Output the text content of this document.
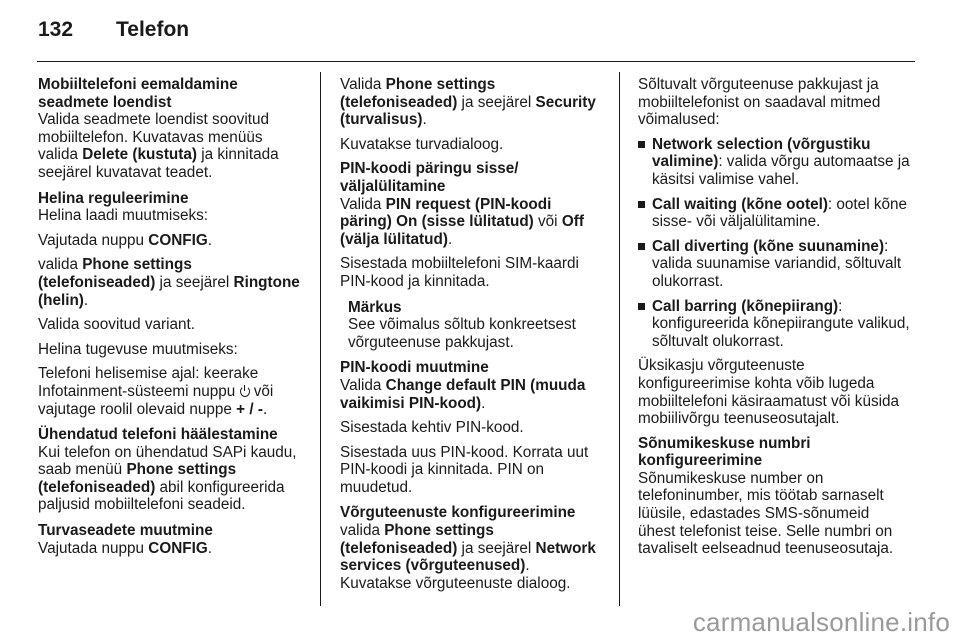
132	Telefon
Mobiiltelefoni eemaldamine
seadmete loendist

Valida seadmete loendist soovitud mobiiltelefon. Kuvatavas menüüs valida Delete (kustuta) ja kinnitada seejärel kuvatavat teadet.

Helina reguleerimine

Helina laadi muutmiseks:

Vajutada nuppu CONFIG.

valida Phone settings (telefoniseaded) ja seejärel Ringtone (helin).

Valida soovitud variant.

Helina tugevuse muutmiseks:

Telefoni helisemise ajal: keerake Infotainment-süsteemi nuppu  või vajutage roolil olevaid nuppe + / -.

Ühendatud telefoni häälestamine

Kui telefon on ühendatud SAPi kaudu, saab menüü Phone settings (telefoniseaded) abil konfigureerida paljusid mobiiltelefoni seadeid.

Turvaseadete muutmine

Vajutada nuppu CONFIG.

Valida Phone settings (telefoniseaded) ja seejärel Security (turvalisus).

Kuvatakse turvadialoog.

PIN-koodi päringu sisse/
väljalülitamine

Valida PIN request (PIN-koodi päring) On (sisse lülitatud) või Off (välja lülitatud).

Sisestada mobiiltelefoni SIM-kaardi PIN-kood ja kinnitada.

Märkus
See võimalus sõltub konkreetsest võrguteenuse pakkujast.
PIN-koodi muutmine

Valida Change default PIN (muuda vaikimisi PIN-kood).

Sisestada kehtiv PIN-kood.

Sisestada uus PIN-kood. Korrata uut PIN-koodi ja kinnitada. PIN on muudetud.

Võrguteenuste konfigureerimine

valida Phone settings (telefoniseaded) ja seejärel Network services (võrguteenused). Kuvatakse võrguteenuste dialoog.

Sõltuvalt võrguteenuse pakkujast ja mobiiltelefonist on saadaval mitmed võimalused:

Network selection (võrgustiku valimine): valida võrgu automaatse ja käsitsi valimise vahel.
Call waiting (kõne ootel): ootel kõne sisse- või väljalülitamine.
Call diverting (kõne suunamine): valida suunamise variandid, sõltuvalt olukorrast.
Call barring (kõnepiirang): konfigureerida kõnepiirangute valikud, sõltuvalt olukorrast.

Üksikasju võrguteenuste konfigureerimise kohta võib lugeda mobiiltelefoni käsiraamatust või küsida mobiilivõrgu teenuseosutajalt.

Sõnumikeskuse numbri
konfigureerimine

Sõnumikeskuse number on telefoninumber, mis töötab sarnaselt lüüsile, edastades SMS-sõnumeid ühest telefonist teise. Selle numbri on tavaliselt eelseadnud teenuseosutaja.

carmanualsonline.info
